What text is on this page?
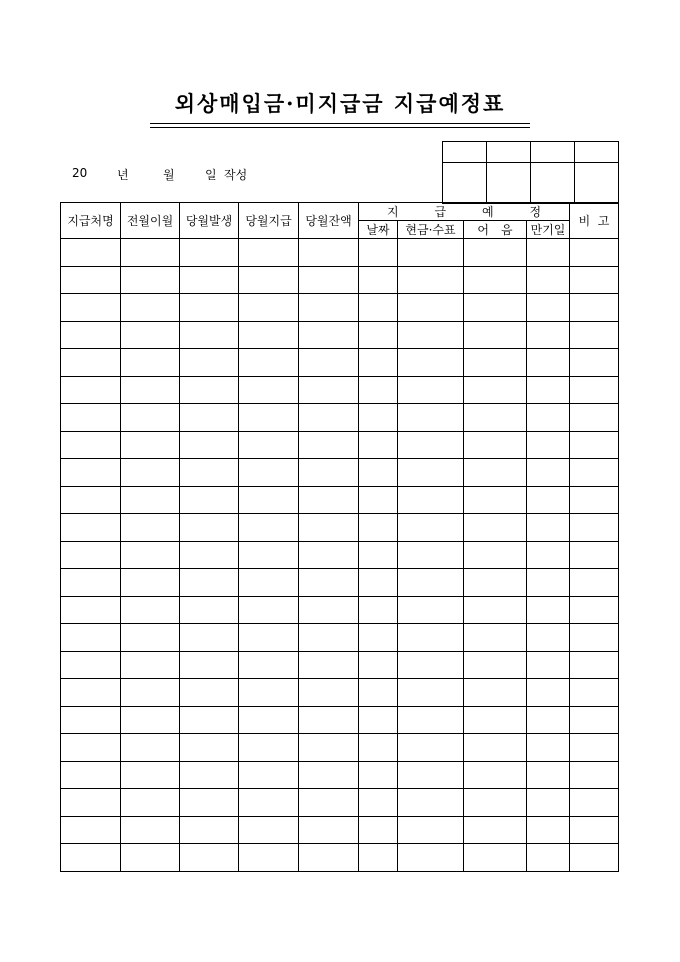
외상매입금·미지급금 지급예정표

20 년	월	일 작성
지급처명	전월이월	당월발생	당월지급	당월잔액	지 급 예 정				비  고
					날짜	현금·수표	어　음	만기일	
